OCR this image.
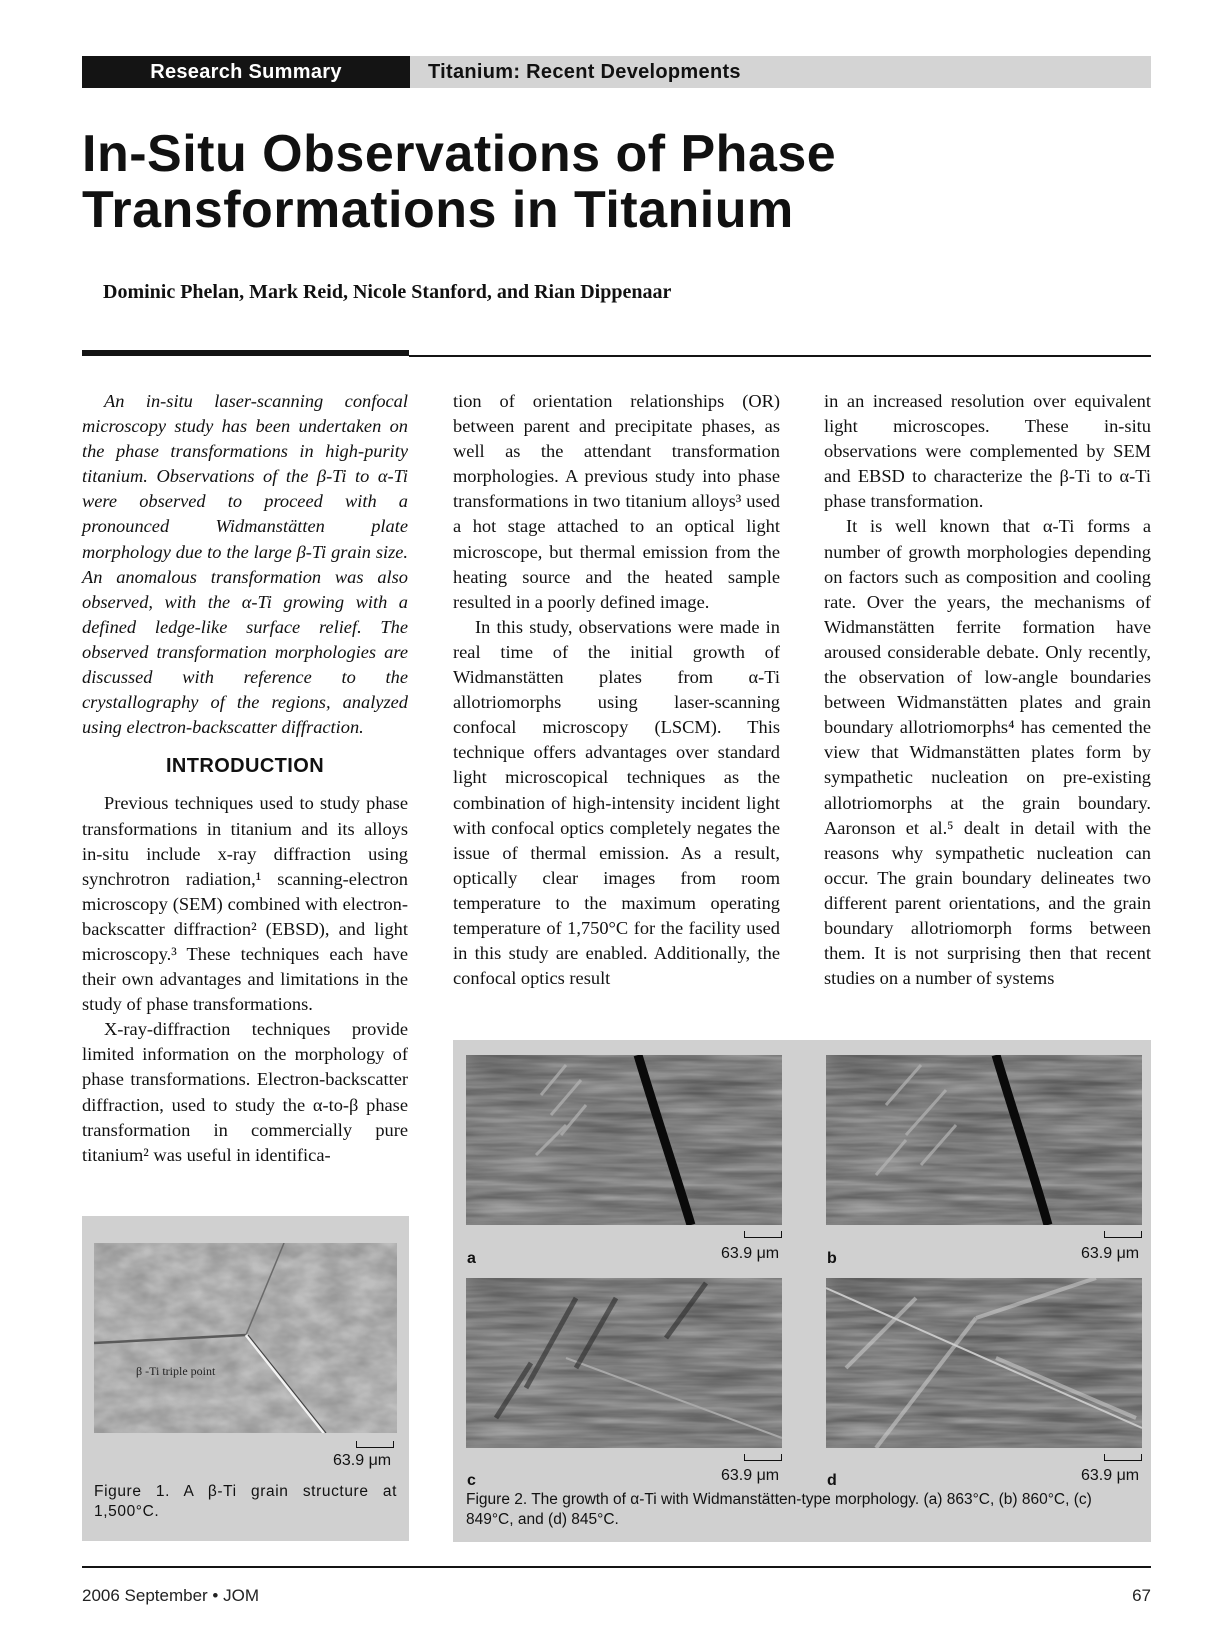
Research Summary	Titanium: Recent Developments
In-Situ Observations of Phase Transformations in Titanium
Dominic Phelan, Mark Reid, Nicole Stanford, and Rian Dippenaar

An in-situ laser-scanning confocal microscopy study has been undertaken on the phase transformations in high-purity titanium. Observations of the β-Ti to α-Ti were observed to proceed with a pronounced Widmanstätten plate morphology due to the large β-Ti grain size. An anomalous transformation was also observed, with the α-Ti growing with a defined ledge-like surface relief. The observed transformation morphologies are discussed with reference to the crystallography of the regions, analyzed using electron-backscatter diffraction.

INTRODUCTION

Previous techniques used to study phase transformations in titanium and its alloys in-situ include x-ray diffraction using synchrotron radiation,¹ scanning-electron microscopy (SEM) combined with electron-backscatter diffraction² (EBSD), and light microscopy.³ These techniques each have their own advantages and limitations in the study of phase transformations.

X-ray-diffraction techniques provide limited information on the morphology of phase transformations. Electron-backscatter diffraction, used to study the α-to-β phase transformation in commercially pure titanium² was useful in identifica-

tion of orientation relationships (OR) between parent and precipitate phases, as well as the attendant transformation morphologies. A previous study into phase transformations in two titanium alloys³ used a hot stage attached to an optical light microscope, but thermal emission from the heating source and the heated sample resulted in a poorly defined image.

In this study, observations were made in real time of the initial growth of Widmanstätten plates from α-Ti allotriomorphs using laser-scanning confocal microscopy (LSCM). This technique offers advantages over standard light microscopical techniques as the combination of high-intensity incident light with confocal optics completely negates the issue of thermal emission. As a result, optically clear images from room temperature to the maximum operating temperature of 1,750°C for the facility used in this study are enabled. Additionally, the confocal optics result

in an increased resolution over equivalent light microscopes. These in-situ observations were complemented by SEM and EBSD to characterize the β-Ti to α-Ti phase transformation.

It is well known that α-Ti forms a number of growth morphologies depending on factors such as composition and cooling rate. Over the years, the mechanisms of Widmanstätten ferrite formation have aroused considerable debate. Only recently, the observation of low-angle boundaries between Widmanstätten plates and grain boundary allotriomorphs⁴ has cemented the view that Widmanstätten plates form by sympathetic nucleation on pre-existing allotriomorphs at the grain boundary. Aaronson et al.⁵ dealt in detail with the reasons why sympathetic nucleation can occur. The grain boundary delineates two different parent orientations, and the grain boundary allotriomorph forms between them. It is not surprising then that recent studies on a number of systems

β -Ti triple point
63.9 μm
Figure 1. A β-Ti grain structure at 1,500°C.
a	63.9 μm	b	63.9 μm
c	63.9 μm	d	63.9 μm
Figure 2. The growth of α-Ti with Widmanstätten-type morphology. (a) 863°C, (b) 860°C, (c) 849°C, and (d) 845°C.
2006 September • JOM	67
